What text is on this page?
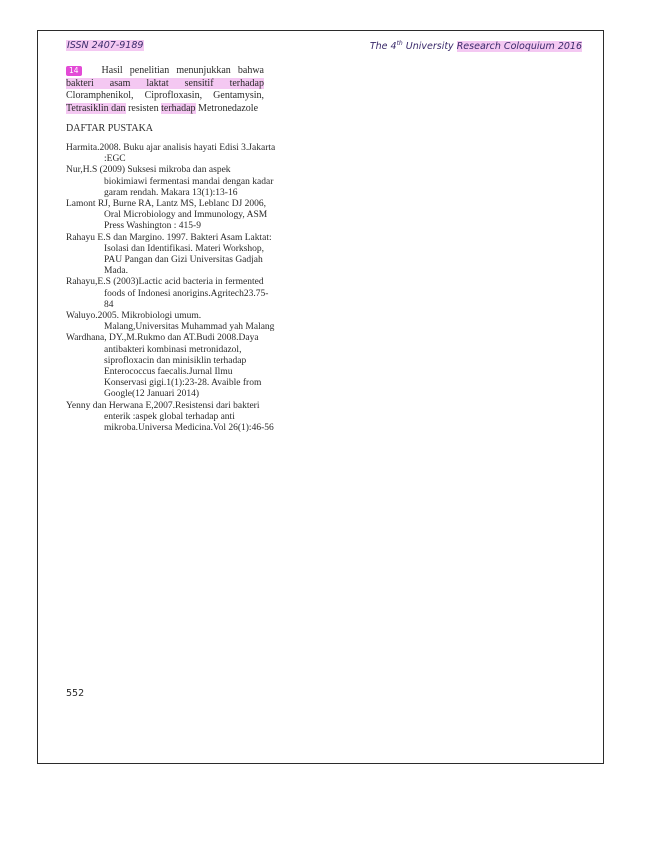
ISSN 2407-9189	The 4th University Research Coloquium 2016
14 Hasil penelitian menunjukkan bahwa bakteri asam laktat sensitif terhadap Cloramphenikol, Ciprofloxasin, Gentamysin, Tetrasiklin dan resisten terhadap Metronedazole
DAFTAR PUSTAKA

Harmita.2008. Buku ajar analisis hayati Edisi 3.Jakarta :EGC

Nur,H.S (2009) Suksesi mikroba dan aspek biokimiawi fermentasi mandai dengan kadar garam rendah. Makara 13(1):13-16

Lamont RJ, Burne RA, Lantz MS, Leblanc DJ 2006, Oral Microbiology and Immunology, ASM Press Washington : 415-9

Rahayu E.S dan Margino. 1997. Bakteri Asam Laktat: Isolasi dan Identifikasi. Materi Workshop, PAU Pangan dan Gizi Universitas Gadjah Mada.

Rahayu,E.S (2003)Lactic acid bacteria in fermented foods of Indonesi anorigins.Agritech23.75-84

Waluyo.2005. Mikrobiologi umum. Malang,Universitas Muhammad yah Malang

Wardhana, DY.,M.Rukmo dan AT.Budi 2008.Daya antibakteri kombinasi metronidazol, siprofloxacin dan minisiklin terhadap Enterococcus faecalis.Jurnal Ilmu Konservasi gigi.1(1):23-28. Avaible from Google(12 Januari 2014)

Yenny dan Herwana E,2007.Resistensi dari bakteri enterik :aspek global terhadap anti mikroba.Universa Medicina.Vol 26(1):46-56

552
